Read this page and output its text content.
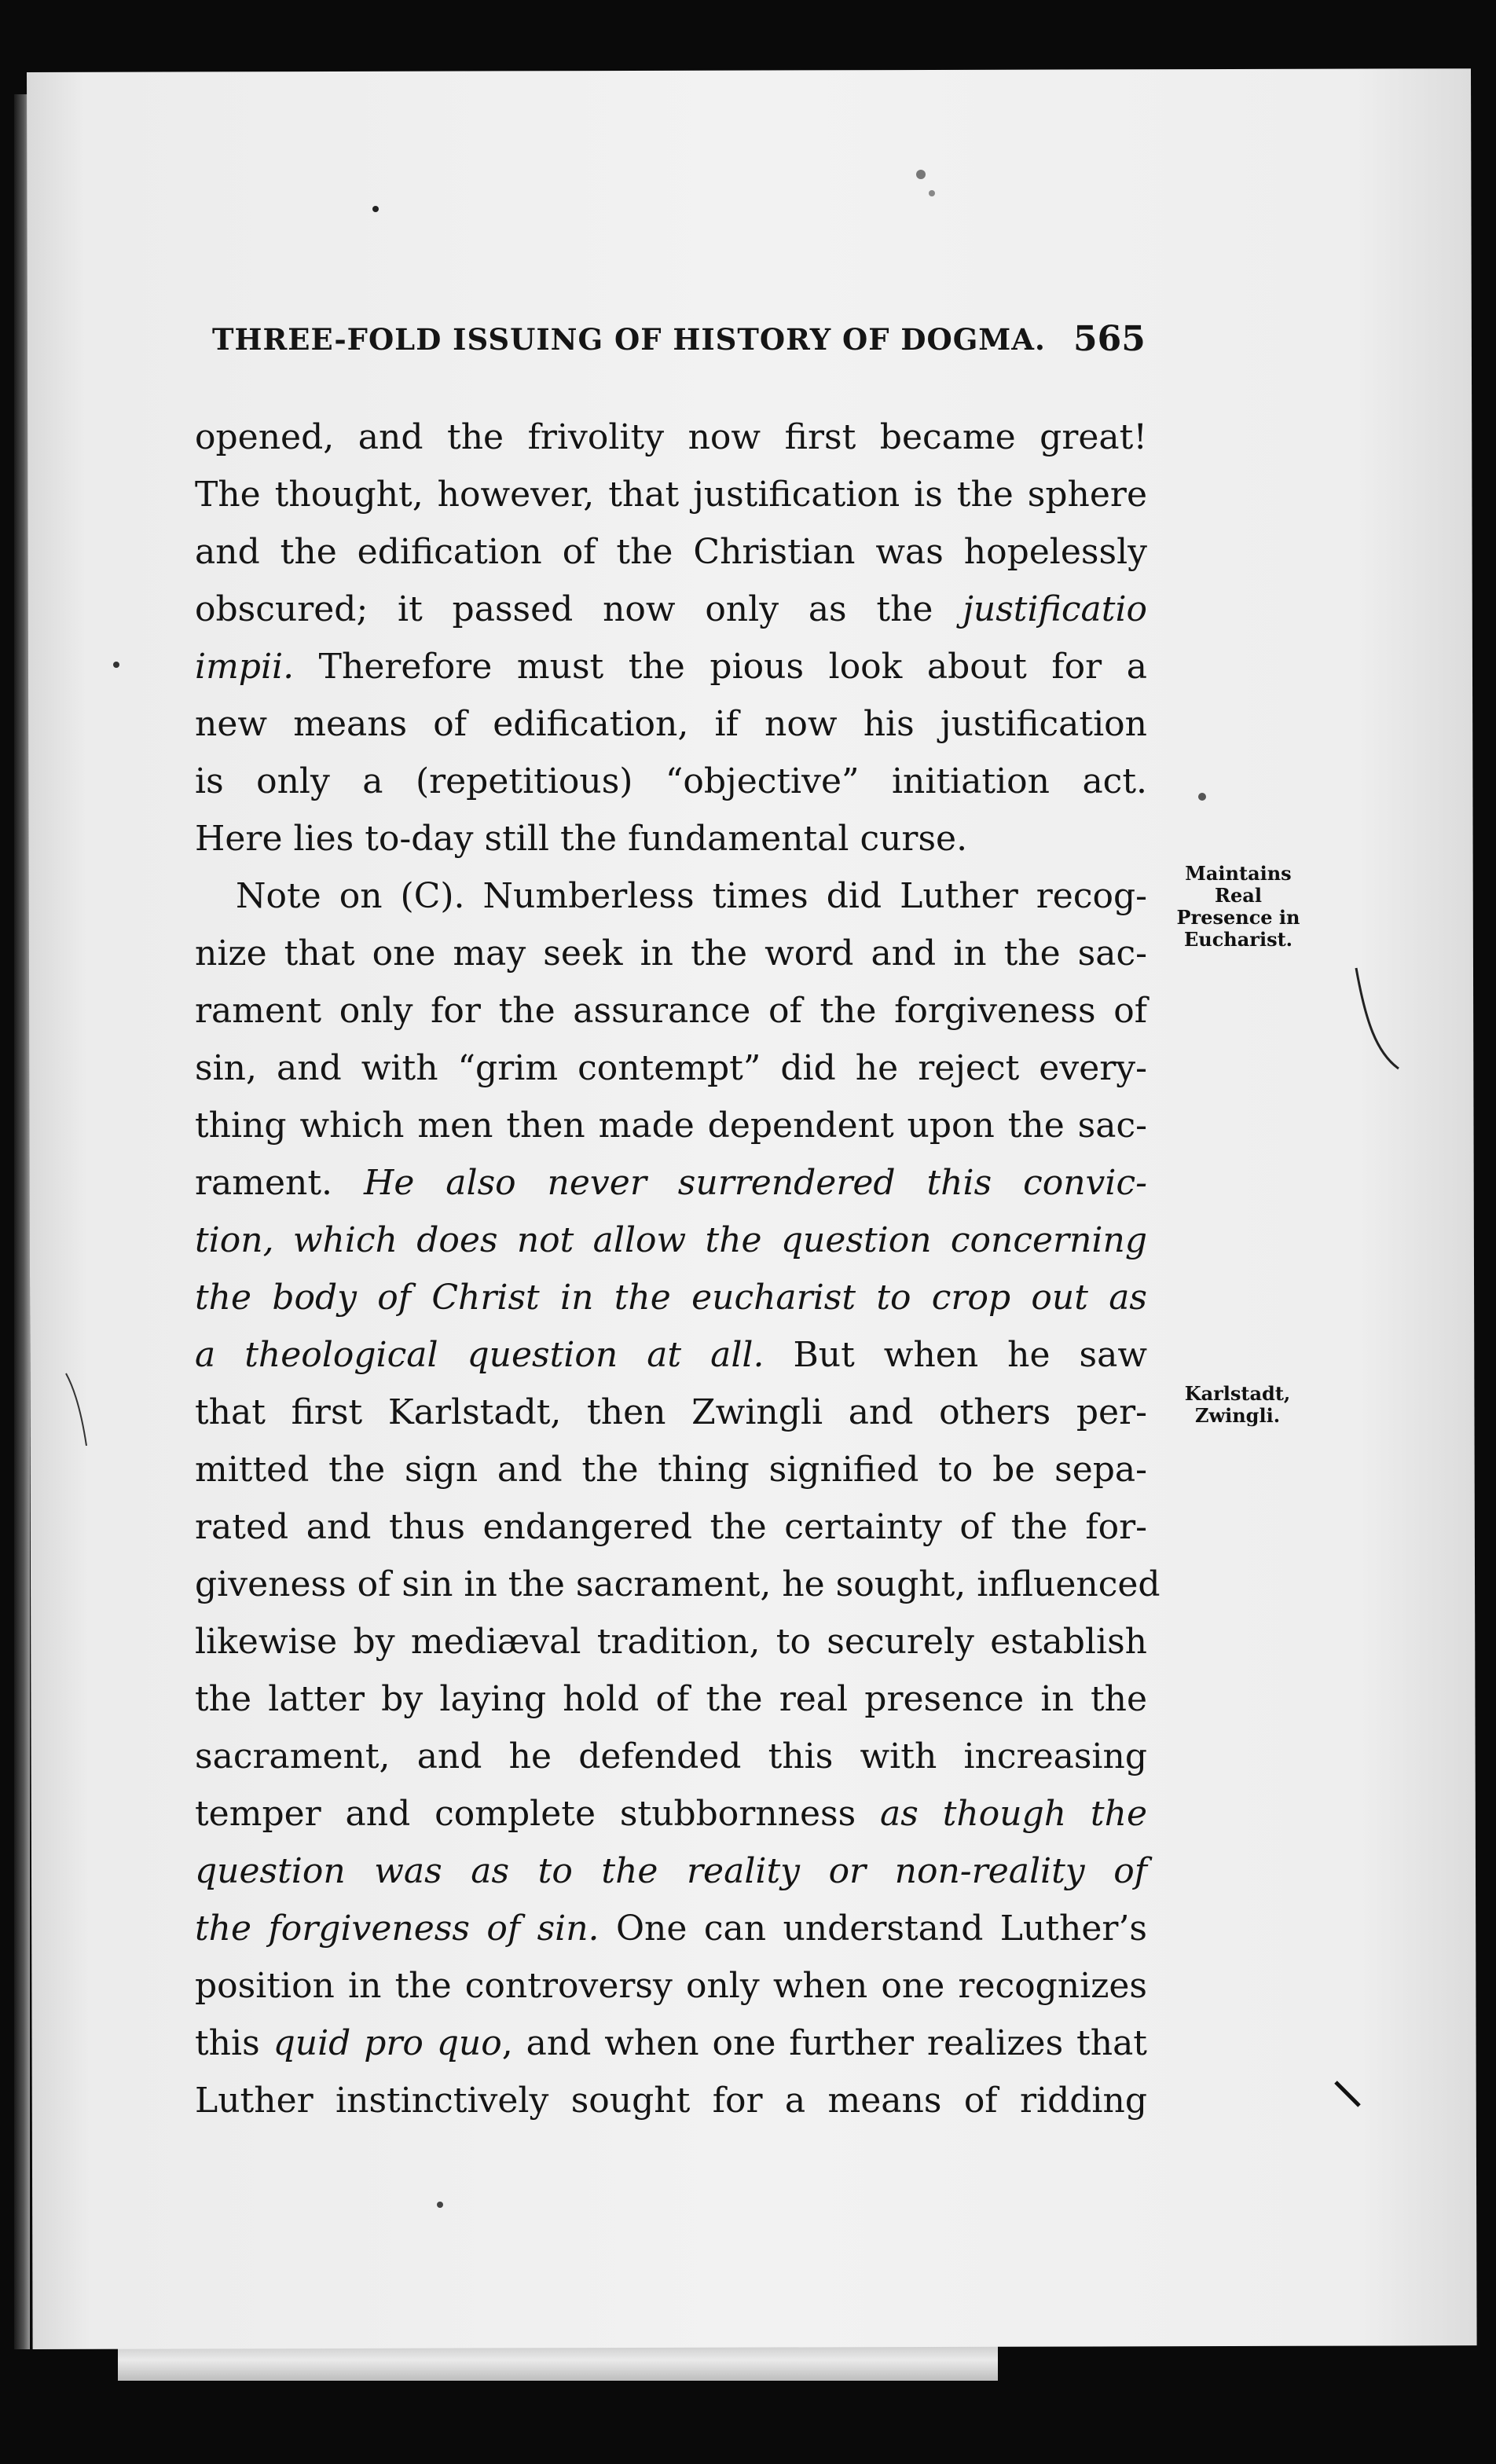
THREE-FOLD ISSUING OF HISTORY OF DOGMA. 565
opened, and the frivolity now first became great!
The thought, however, that justification is the sphere
and the edification of the Christian was hopelessly
obscured; it passed now only as the justificatio
impii. Therefore must the pious look about for a
new means of edification, if now his justification
is only a (repetitious) “objective” initiation act.
Here lies to-day still the fundamental curse.
Note on (C). Numberless times did Luther recog-
nize that one may seek in the word and in the sac-
rament only for the assurance of the forgiveness of
sin, and with “grim contempt” did he reject every-
thing which men then made dependent upon the sac-
rament. He also never surrendered this convic-
tion, which does not allow the question concerning
the body of Christ in the eucharist to crop out as
a theological question at all. But when he saw
that first Karlstadt, then Zwingli and others per-
mitted the sign and the thing signified to be sepa-
rated and thus endangered the certainty of the for-
giveness of sin in the sacrament, he sought, influenced
likewise by mediæval tradition, to securely establish
the latter by laying hold of the real presence in the
sacrament, and he defended this with increasing
temper and complete stubbornness as though the
question was as to the reality or non-reality of
the forgiveness of sin. One can understand Luther’s
position in the controversy only when one recognizes
this quid pro quo, and when one further realizes that
Luther instinctively sought for a means of ridding
Maintains
Real
Presence in
Eucharist.
Karlstadt,
Zwingli.
